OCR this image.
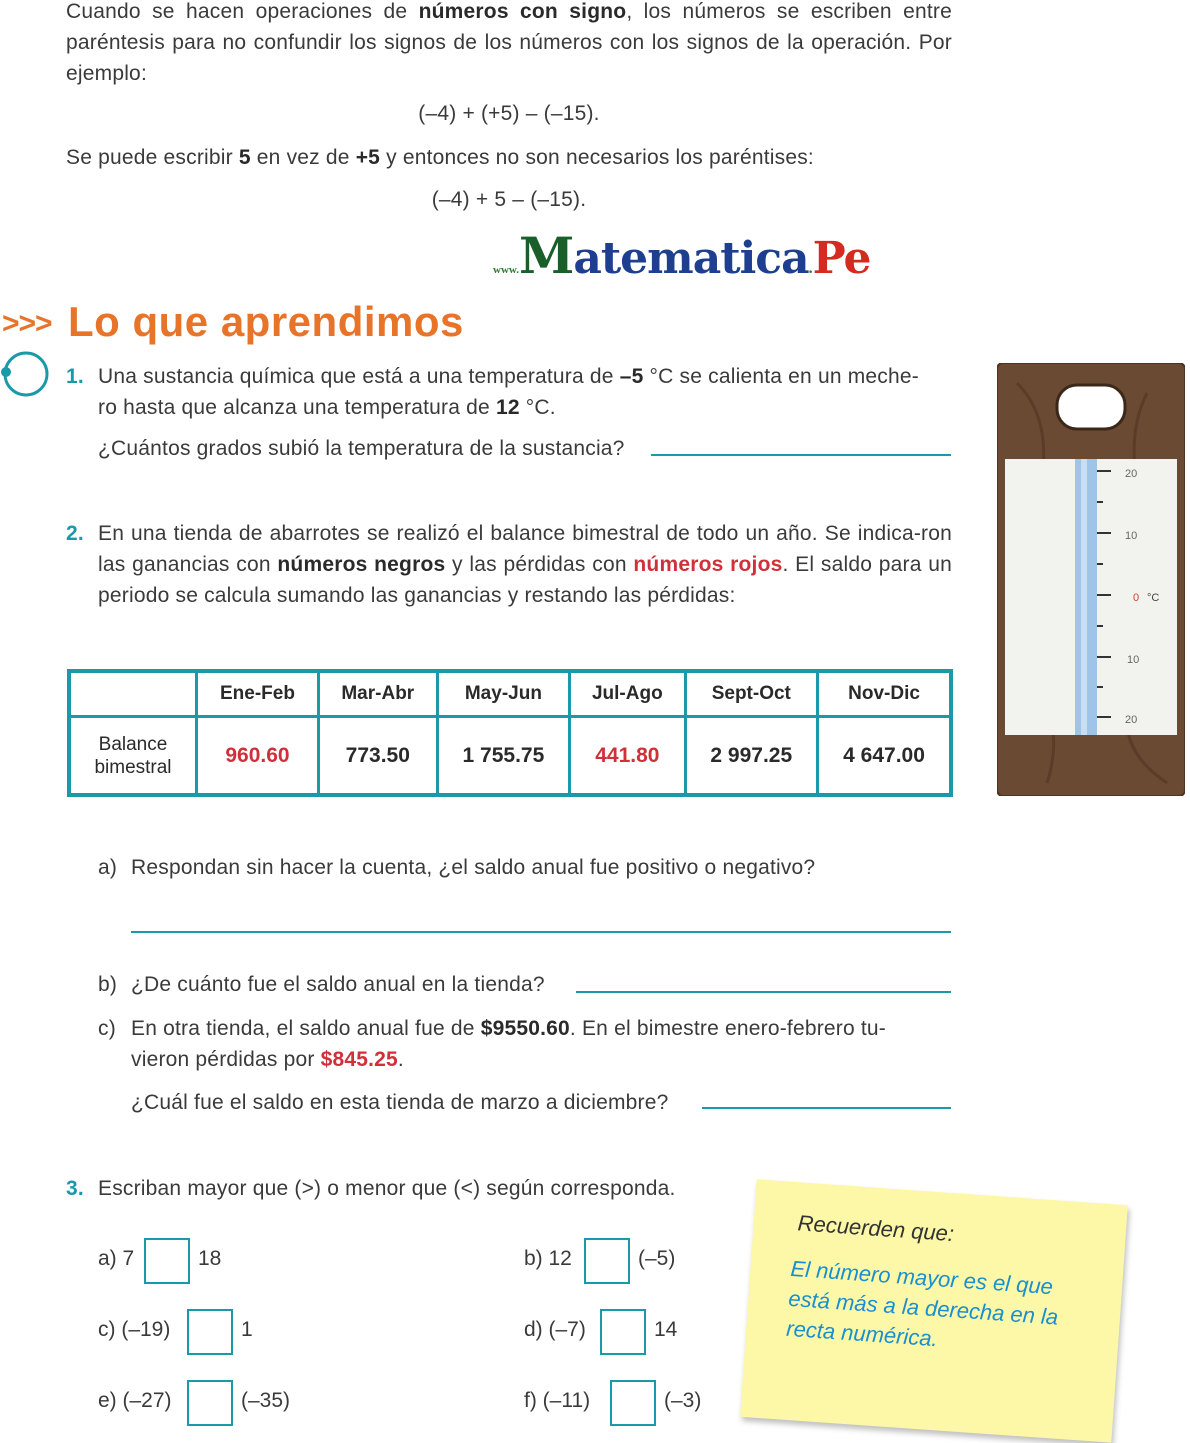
Cuando se hacen operaciones de números con signo, los números se escriben entre paréntesis para no confundir los signos de los números con los signos de la operación. Por ejemplo:
(–4) + (+5) – (–15).
Se puede escribir 5 en vez de +5 y entonces no son necesarios los paréntises:
(–4) + 5 – (–15).
www.Matematica.Pe
>>> Lo que aprendimos
1. Una sustancia química que está a una temperatura de –5 °C se calienta en un meche-
ro hasta que alcanza una temperatura de 12 °C.
¿Cuántos grados subió la temperatura de la sustancia?
20
10
0 °C
10
20
2. En una tienda de abarrotes se realizó el balance bimestral de todo un año. Se indica-ron las ganancias con números negros y las pérdidas con números rojos. El saldo para un periodo se calcula sumando las ganancias y restando las pérdidas:
	Ene-Feb	Mar-Abr	May-Jun	Jul-Ago	Sept-Oct	Nov-Dic
Balance
bimestral	960.60	773.50	1 755.75	441.80	2 997.25	4 647.00
a) Respondan sin hacer la cuenta, ¿el saldo anual fue positivo o negativo?
b) ¿De cuánto fue el saldo anual en la tienda?
c) En otra tienda, el saldo anual fue de $9550.60. En el bimestre enero-febrero tu-
vieron pérdidas por $845.25.
¿Cuál fue el saldo en esta tienda de marzo a diciembre?
3. Escriban mayor que (>) o menor que (<) según corresponda.
a) 7	18	b) 12	(–5)
c) (–19)	1	d) (–7)	14
e) (–27)	(–35)	f) (–11)	(–3)
Recuerden que:
El número mayor es el que está más a la derecha en la recta numérica.
